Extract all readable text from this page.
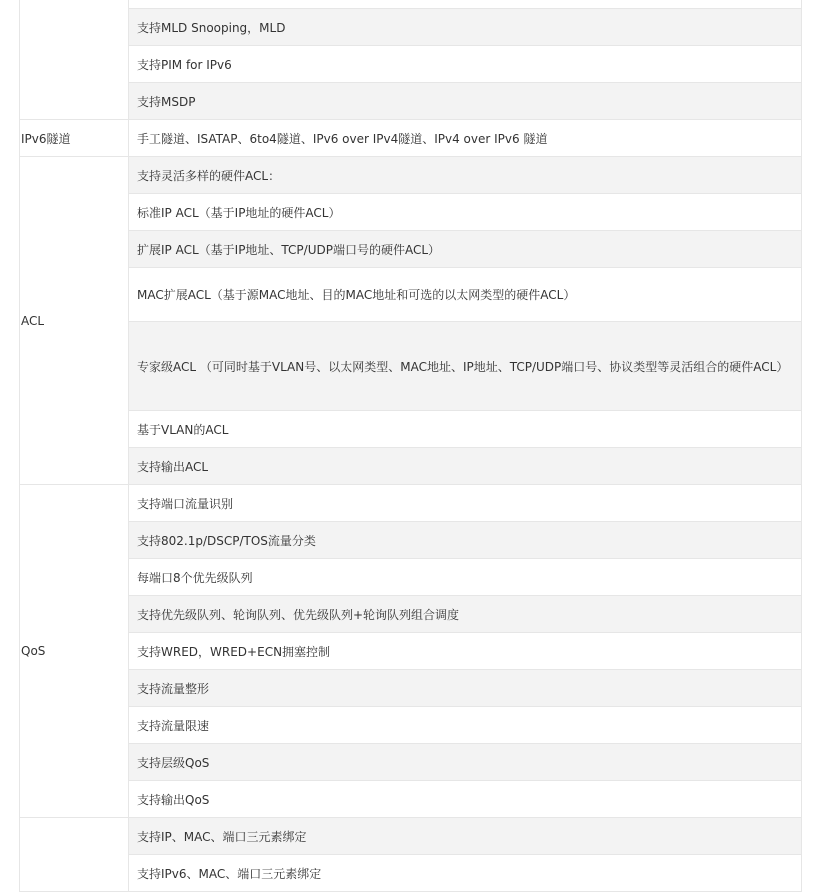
	支持MLD Snooping，MLD
	支持PIM for IPv6
	支持MSDP
IPv6隧道	手工隧道、ISATAP、6to4隧道、IPv6 over IPv4隧道、IPv4 over IPv6 隧道
ACL	支持灵活多样的硬件ACL：
	标准IP ACL（基于IP地址的硬件ACL）
	扩展IP ACL（基于IP地址、TCP/UDP端口号的硬件ACL）
	MAC扩展ACL（基于源MAC地址、目的MAC地址和可选的以太网类型的硬件ACL）
	专家级ACL （可同时基于VLAN号、以太网类型、MAC地址、IP地址、TCP/UDP端口号、协议类型等灵活组合的硬件ACL）
	基于VLAN的ACL
	支持输出ACL
QoS	支持端口流量识别
	支持802.1p/DSCP/TOS流量分类
	每端口8个优先级队列
	支持优先级队列、轮询队列、优先级队列+轮询队列组合调度
	支持WRED，WRED+ECN拥塞控制
	支持流量整形
	支持流量限速
	支持层级QoS
	支持输出QoS
	支持IP、MAC、端口三元素绑定
	支持IPv6、MAC、端口三元素绑定
